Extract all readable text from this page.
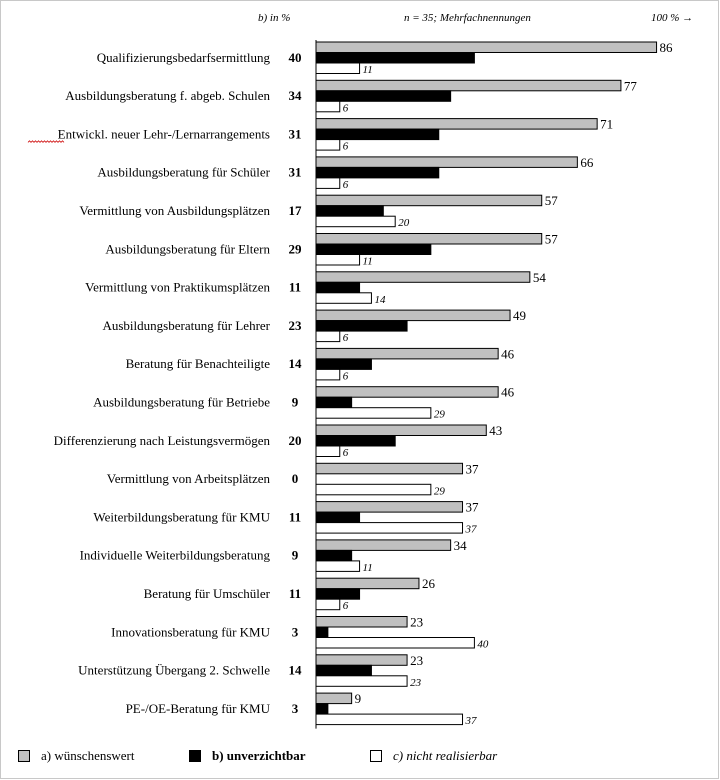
b) in %	n = 35; Mehrfachnennungen	100 % →
Qualifizierungsbedarfsermittlung 40
86
11
Ausbildungsberatung f. abgeb. Schulen 34
77
6
Entwickl. neuer Lehr-/Lernarrangements 31
71
6
Ausbildungsberatung für Schüler 31
66
6
Vermittlung von Ausbildungsplätzen 17
57
20
Ausbildungsberatung für Eltern 29
57
11
Vermittlung von Praktikumsplätzen 11
54
14
Ausbildungsberatung für Lehrer 23
49
6
Beratung für Benachteiligte 14
46
6
Ausbildungsberatung für Betriebe 9
46
29
Differenzierung nach Leistungsvermögen 20
43
6
Vermittlung von Arbeitsplätzen 0
37
29
Weiterbildungsberatung für KMU 11
37
37
Individuelle Weiterbildungsberatung 9
34
11
Beratung für Umschüler 11
26
6
Innovationsberatung für KMU 3
23
40
Unterstützung Übergang 2. Schwelle 14
23
23
PE-/OE-Beratung für KMU 3
9
37
a) wünschenswert	b) unverzichtbar	c) nicht realisierbar
